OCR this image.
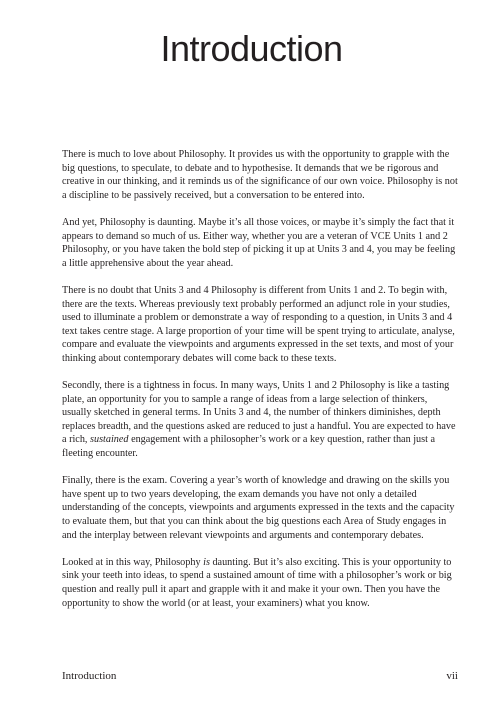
Introduction

There is much to love about Philosophy. It provides us with the opportunity to grapple with the big questions, to speculate, to debate and to hypothesise. It demands that we be rigorous and creative in our thinking, and it reminds us of the significance of our own voice. Philosophy is not a discipline to be passively received, but a conversation to be entered into.

And yet, Philosophy is daunting. Maybe it’s all those voices, or maybe it’s simply the fact that it appears to demand so much of us. Either way, whether you are a veteran of VCE Units 1 and 2 Philosophy, or you have taken the bold step of picking it up at Units 3 and 4, you may be feeling a little apprehensive about the year ahead.

There is no doubt that Units 3 and 4 Philosophy is different from Units 1 and 2. To begin with, there are the texts. Whereas previously text probably performed an adjunct role in your studies, used to illuminate a problem or demonstrate a way of responding to a question, in Units 3 and 4 text takes centre stage. A large proportion of your time will be spent trying to articulate, analyse, compare and evaluate the viewpoints and arguments expressed in the set texts, and most of your thinking about contemporary debates will come back to these texts.

Secondly, there is a tightness in focus. In many ways, Units 1 and 2 Philosophy is like a tasting plate, an opportunity for you to sample a range of ideas from a large selection of thinkers, usually sketched in general terms. In Units 3 and 4, the number of thinkers diminishes, depth replaces breadth, and the questions asked are reduced to just a handful. You are expected to have a rich, sustained engagement with a philosopher’s work or a key question, rather than just a fleeting encounter.

Finally, there is the exam. Covering a year’s worth of knowledge and drawing on the skills you have spent up to two years developing, the exam demands you have not only a detailed understanding of the concepts, viewpoints and arguments expressed in the texts and the capacity to evaluate them, but that you can think about the big questions each Area of Study engages in and the interplay between relevant viewpoints and arguments and contemporary debates.

Looked at in this way, Philosophy is daunting. But it’s also exciting. This is your opportunity to sink your teeth into ideas, to spend a sustained amount of time with a philosopher’s work or big question and really pull it apart and grapple with it and make it your own. Then you have the opportunity to show the world (or at least, your examiners) what you know.

Introduction	vii
